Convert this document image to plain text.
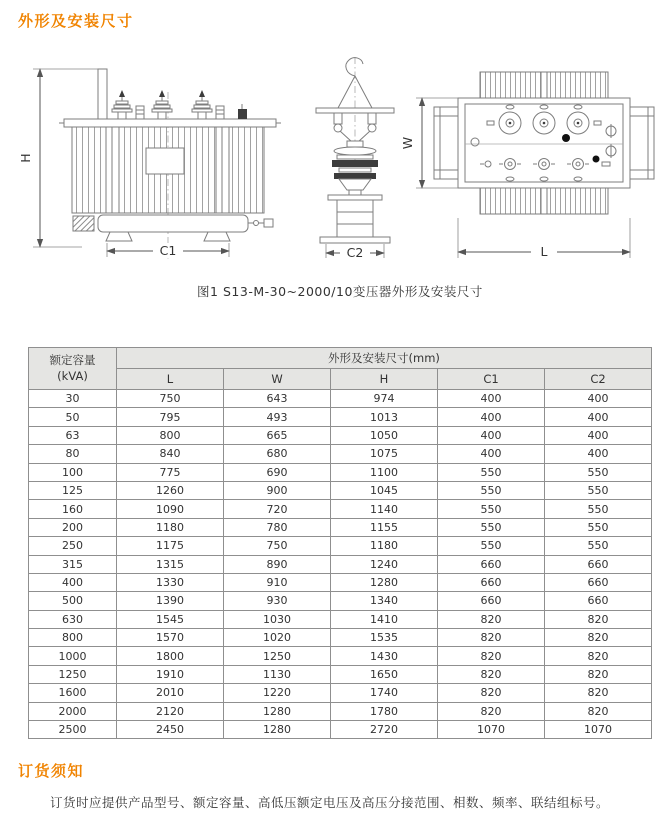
外形及安装尺寸
H
C1	C2
W
L
图1 S13-M-30~2000/10变压器外形及安装尺寸
额定容量
(kVA)	外形及安装尺寸(mm)				
	L	W	H	C1	C2
30	750	643	974	400	400
50	795	493	1013	400	400
63	800	665	1050	400	400
80	840	680	1075	400	400
100	775	690	1100	550	550
125	1260	900	1045	550	550
160	1090	720	1140	550	550
200	1180	780	1155	550	550
250	1175	750	1180	550	550
315	1315	890	1240	660	660
400	1330	910	1280	660	660
500	1390	930	1340	660	660
630	1545	1030	1410	820	820
800	1570	1020	1535	820	820
1000	1800	1250	1430	820	820
1250	1910	1130	1650	820	820
1600	2010	1220	1740	820	820
2000	2120	1280	1780	820	820
2500	2450	1280	2720	1070	1070
订货须知
订货时应提供产品型号、额定容量、高低压额定电压及高压分接范围、相数、频率、联结组标号。
